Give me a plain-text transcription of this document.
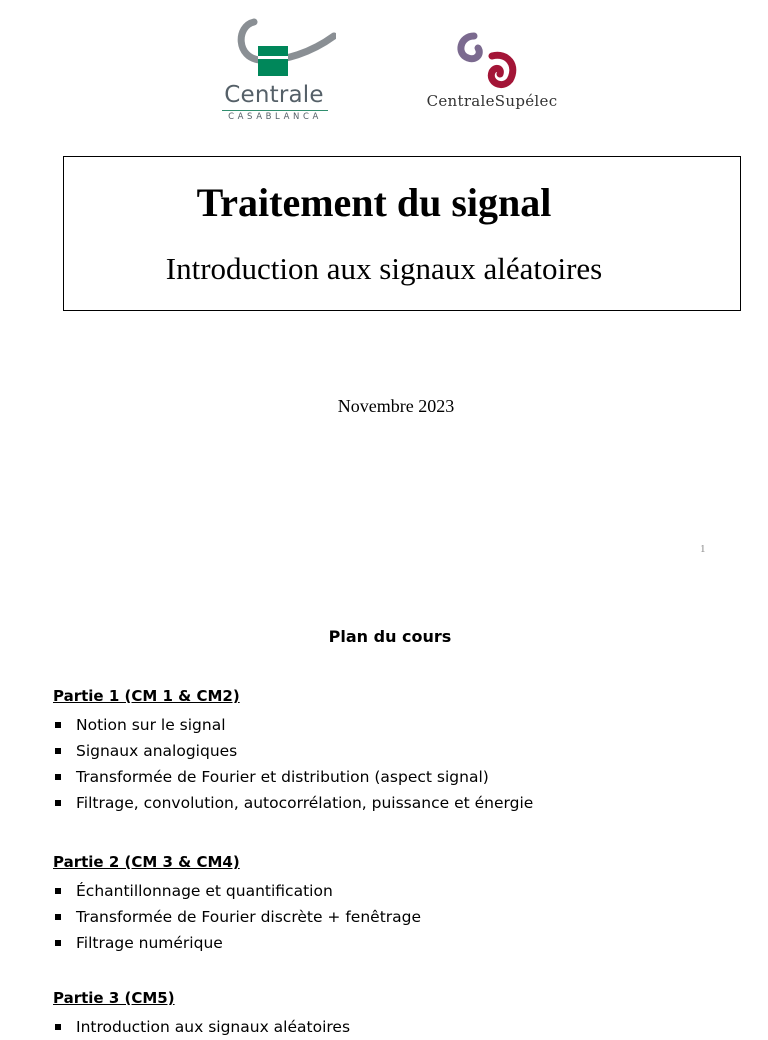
Centrale
CASABLANCA
CentraleSupélec
Traitement du signal
Introduction aux signaux aléatoires
Novembre 2023
1
Plan du cours
Partie 1 (CM 1 & CM2)
Notion sur le signal
Signaux analogiques
Transformée de Fourier et distribution (aspect signal)
Filtrage, convolution, autocorrélation, puissance et énergie
Partie 2 (CM 3 & CM4)
Échantillonnage et quantification
Transformée de Fourier discrète + fenêtrage
Filtrage numérique
Partie 3 (CM5)
Introduction aux signaux aléatoires
